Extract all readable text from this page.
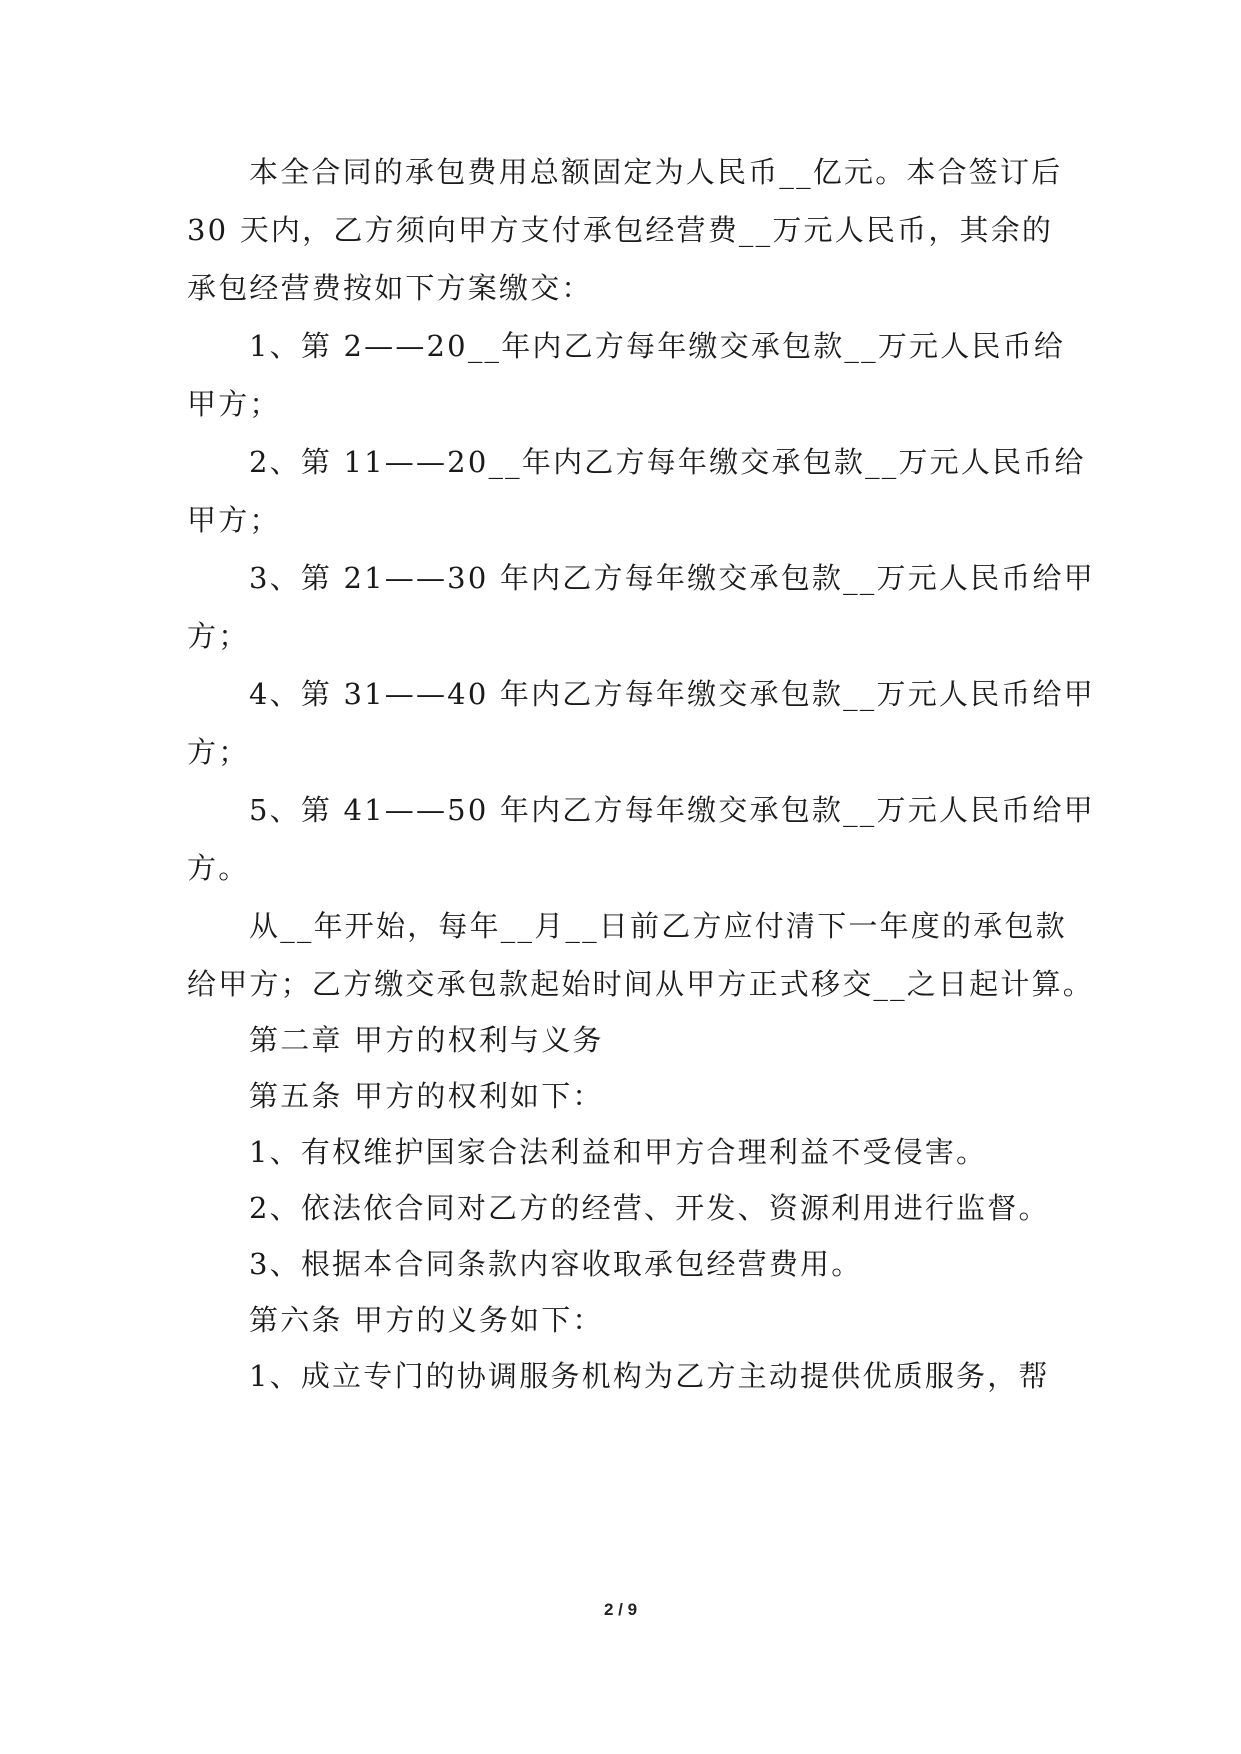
本全合同的承包费用总额固定为人民币__亿元。本合签订后
30 天内，乙方须向甲方支付承包经营费__万元人民币，其余的
承包经营费按如下方案缴交：
1、第 2——20__年内乙方每年缴交承包款__万元人民币给
甲方；
2、第 11——20__年内乙方每年缴交承包款__万元人民币给
甲方；
3、第 21——30 年内乙方每年缴交承包款__万元人民币给甲
方；
4、第 31——40 年内乙方每年缴交承包款__万元人民币给甲
方；
5、第 41——50 年内乙方每年缴交承包款__万元人民币给甲
方。
从__年开始，每年__月__日前乙方应付清下一年度的承包款
给甲方；乙方缴交承包款起始时间从甲方正式移交__之日起计算。
第二章 甲方的权利与义务
第五条 甲方的权利如下：
1、有权维护国家合法利益和甲方合理利益不受侵害。
2、依法依合同对乙方的经营、开发、资源利用进行监督。
3、根据本合同条款内容收取承包经营费用。
第六条 甲方的义务如下：
1、成立专门的协调服务机构为乙方主动提供优质服务，帮
2 / 9
